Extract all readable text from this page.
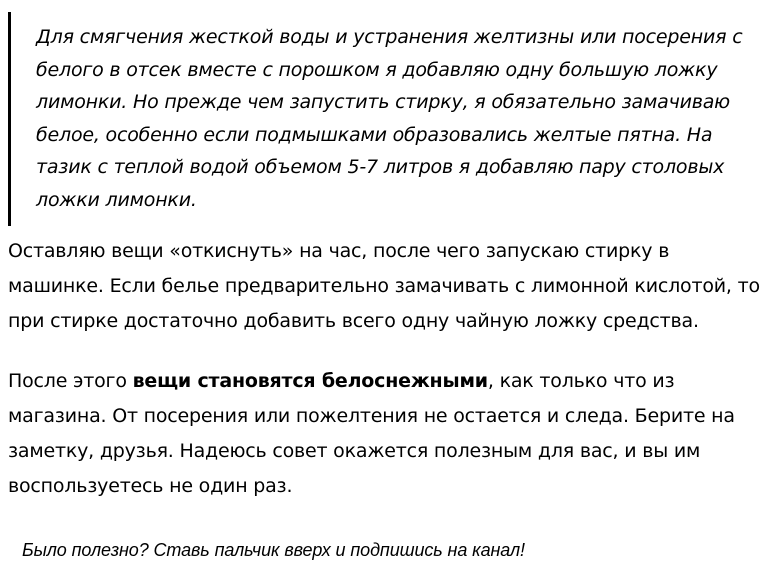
Для смягчения жесткой воды и устранения желтизны или посерения с белого в отсек вместе с порошком я добавляю одну большую ложку лимонки. Но прежде чем запустить стирку, я обязательно замачиваю белое, особенно если подмышками образовались желтые пятна. На тазик с теплой водой объемом 5-7 литров я добавляю пару столовых ложки лимонки.

Оставляю вещи «откиснуть» на час, после чего запускаю стирку в машинке. Если белье предварительно замачивать с лимонной кислотой, то при стирке достаточно добавить всего одну чайную ложку средства.

После этого вещи становятся белоснежными, как только что из магазина. От посерения или пожелтения не остается и следа. Берите на заметку, друзья. Надеюсь совет окажется полезным для вас, и вы им воспользуетесь не один раз.

Было полезно? Ставь пальчик вверх и подпишись на канал!
